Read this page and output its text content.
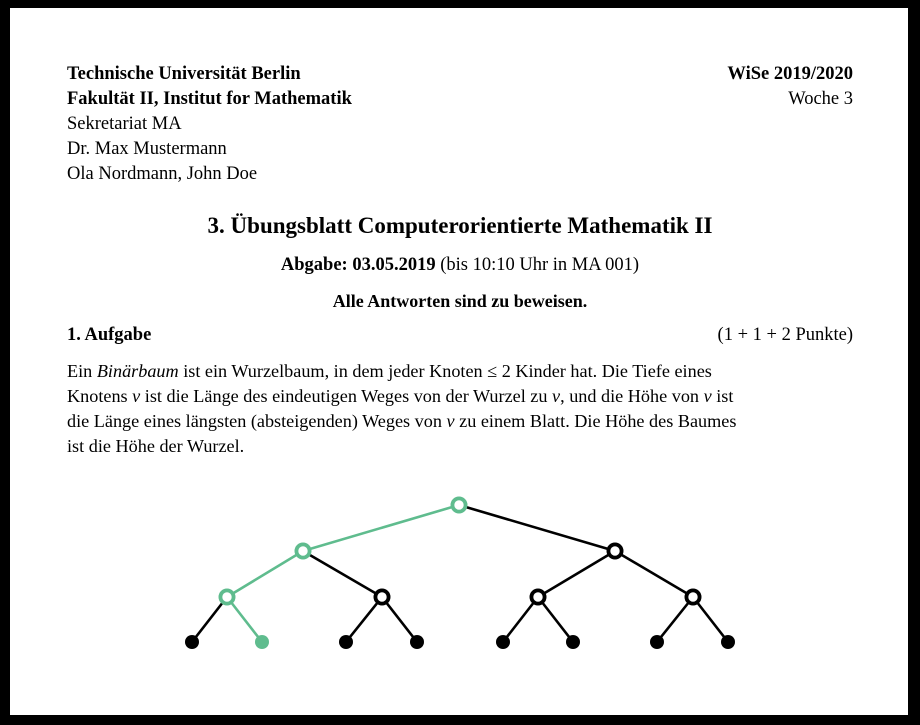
Technische Universität Berlin
Fakultät II, Institut for Mathematik
Sekretariat MA
Dr. Max Mustermann
Ola Nordmann, John Doe
WiSe 2019/2020
Woche 3
3. Übungsblatt Computerorientierte Mathematik II
Abgabe: 03.05.2019 (bis 10:10 Uhr in MA 001)
Alle Antworten sind zu beweisen.
1. Aufgabe	(1 + 1 + 2 Punkte)
Ein Binärbaum ist ein Wurzelbaum, in dem jeder Knoten ≤ 2 Kinder hat. Die Tiefe eines
Knotens v ist die Länge des eindeutigen Weges von der Wurzel zu v, und die Höhe von v ist
die Länge eines längsten (absteigenden) Weges von v zu einem Blatt. Die Höhe des Baumes
ist die Höhe der Wurzel.
